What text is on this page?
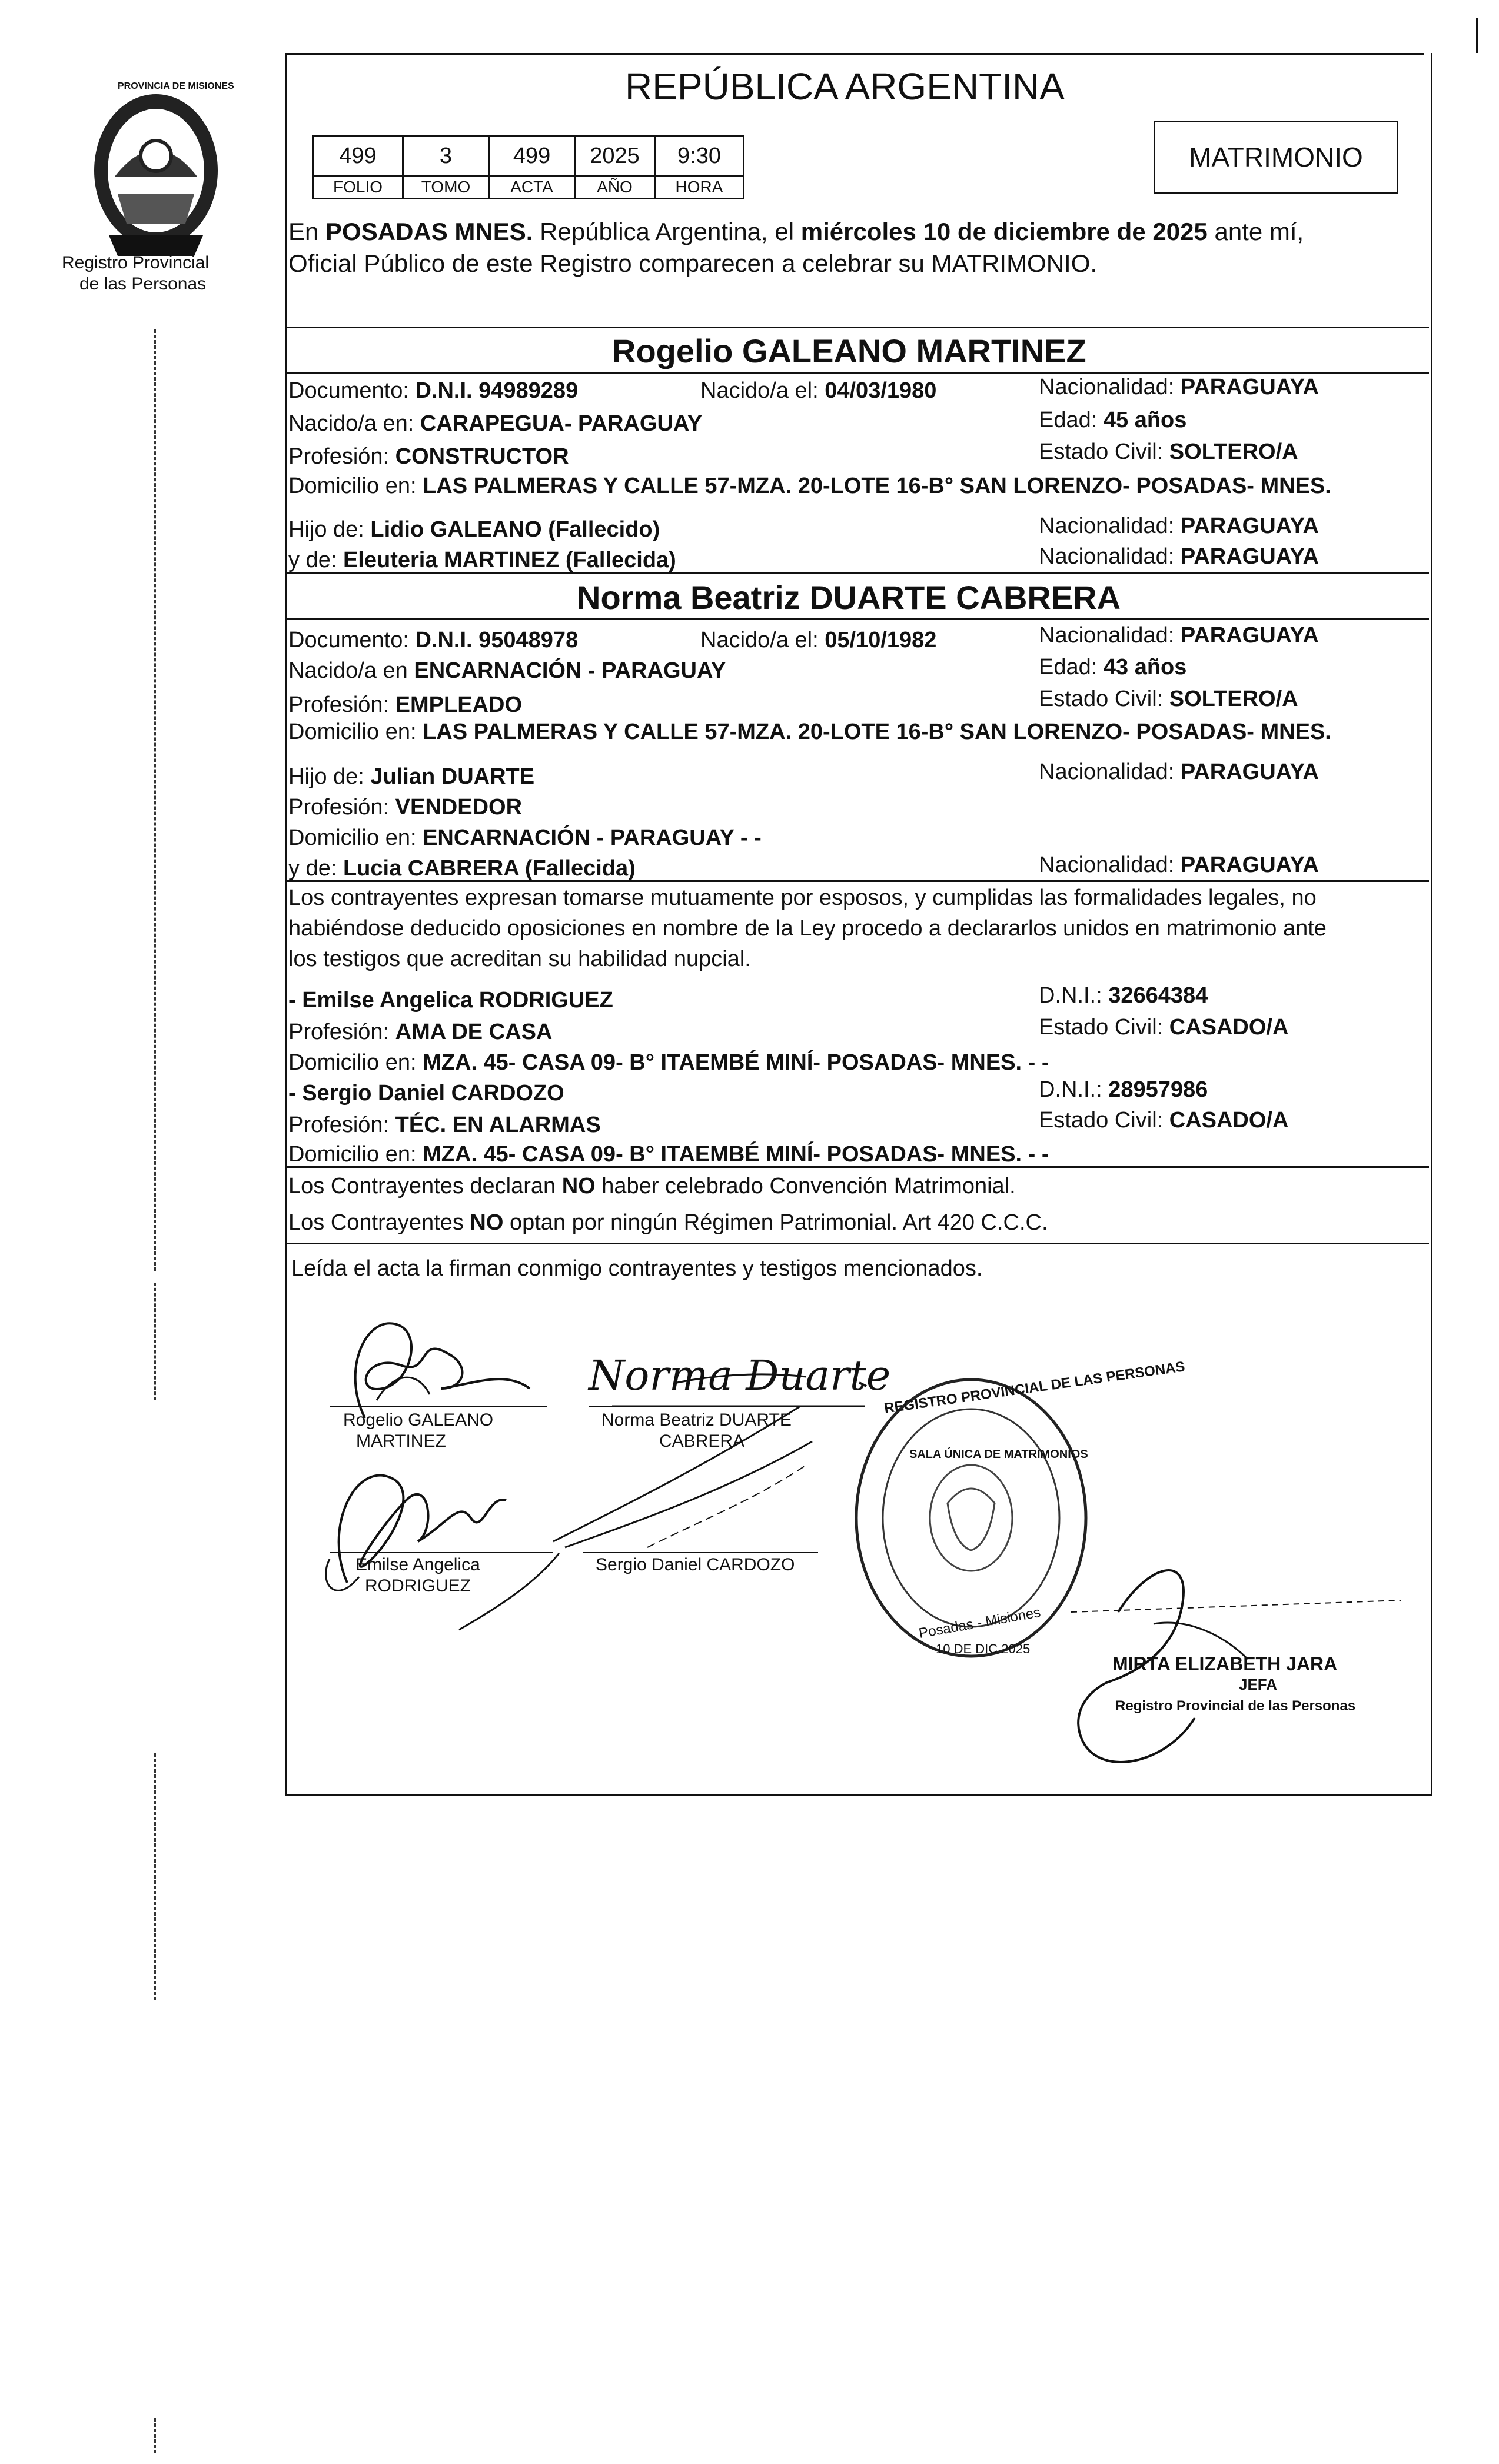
PROVINCIA DE MISIONES
Registro Provincial
de las Personas
REPÚBLICA ARGENTINA
499	3	499	2025	9:30
FOLIO	TOMO	ACTA	AÑO	HORA
MATRIMONIO
En POSADAS MNES. República Argentina, el miércoles 10 de diciembre de 2025 ante mí,
Oficial Público de este Registro comparecen a celebrar su MATRIMONIO.
Rogelio GALEANO MARTINEZ
Documento: D.N.I. 94989289	Nacido/a el: 04/03/1980	Nacionalidad: PARAGUAYA
Nacido/a en: CARAPEGUA- PARAGUAY	Edad: 45 años
Profesión: CONSTRUCTOR	Estado Civil: SOLTERO/A
Domicilio en: LAS PALMERAS Y CALLE 57-MZA. 20-LOTE 16-B° SAN LORENZO- POSADAS- MNES.
Hijo de: Lidio GALEANO (Fallecido)	Nacionalidad: PARAGUAYA
y de: Eleuteria MARTINEZ (Fallecida)	Nacionalidad: PARAGUAYA
Norma Beatriz DUARTE CABRERA
Documento: D.N.I. 95048978	Nacido/a el: 05/10/1982	Nacionalidad: PARAGUAYA
Nacido/a en ENCARNACIÓN - PARAGUAY	Edad: 43 años
Profesión: EMPLEADO	Estado Civil: SOLTERO/A
Domicilio en: LAS PALMERAS Y CALLE 57-MZA. 20-LOTE 16-B° SAN LORENZO- POSADAS- MNES.
Hijo de: Julian DUARTE	Nacionalidad: PARAGUAYA
Profesión: VENDEDOR
Domicilio en: ENCARNACIÓN - PARAGUAY - -
y de: Lucia CABRERA (Fallecida)	Nacionalidad: PARAGUAYA
Los contrayentes expresan tomarse mutuamente por esposos, y cumplidas las formalidades legales, no
habiéndose deducido oposiciones en nombre de la Ley procedo a declararlos unidos en matrimonio ante
los testigos que acreditan su habilidad nupcial.
- Emilse Angelica RODRIGUEZ	D.N.I.: 32664384
Profesión: AMA DE CASA	Estado Civil: CASADO/A
Domicilio en: MZA. 45- CASA 09- B° ITAEMBÉ MINÍ- POSADAS- MNES. - -
- Sergio Daniel CARDOZO	D.N.I.: 28957986
Profesión: TÉC. EN ALARMAS	Estado Civil: CASADO/A
Domicilio en: MZA. 45- CASA 09- B° ITAEMBÉ MINÍ- POSADAS- MNES. - -
Los Contrayentes declaran NO haber celebrado Convención Matrimonial.
Los Contrayentes NO optan por ningún Régimen Patrimonial. Art 420 C.C.C.
Leída el acta la firman conmigo contrayentes y testigos mencionados.
Rogelio GALEANO
MARTINEZ
Norma Beatriz DUARTE
CABRERA
Emilse Angelica
RODRIGUEZ
Sergio Daniel CARDOZO
Norma Duarte
REGISTRO PROVINCIAL DE LAS PERSONAS
SALA ÚNICA DE MATRIMONIOS
Posadas - Misiones
10 DE DIC 2025
MIRTA ELIZABETH JARA
JEFA
Registro Provincial de las Personas
